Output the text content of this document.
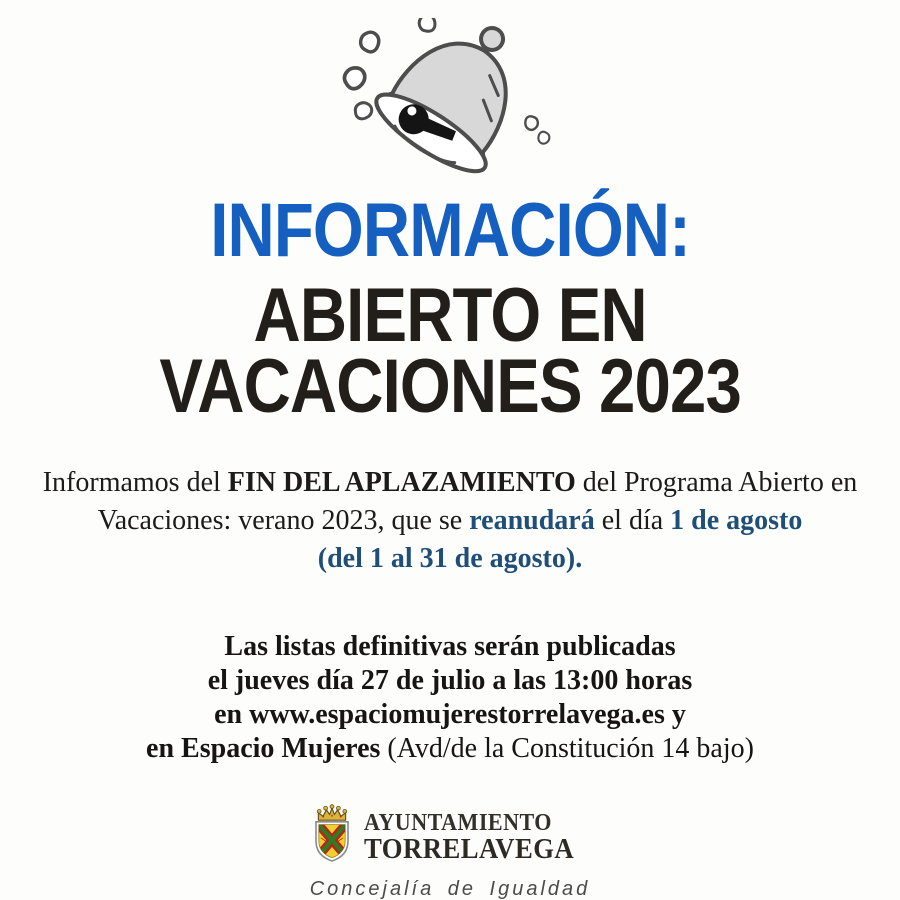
INFORMACIÓN:
ABIERTO EN
VACACIONES 2023
Informamos del FIN DEL APLAZAMIENTO del Programa Abierto en
Vacaciones: verano 2023, que se reanudará el día 1 de agosto
(del 1 al 31 de agosto).
Las listas definitivas serán publicadas
el jueves día 27 de julio a las 13:00 horas
en www.espaciomujerestorrelavega.es y
en Espacio Mujeres (Avd/de la Constitución 14 bajo)
AYUNTAMIENTO
TORRELAVEGA
Concejalía de Igualdad
